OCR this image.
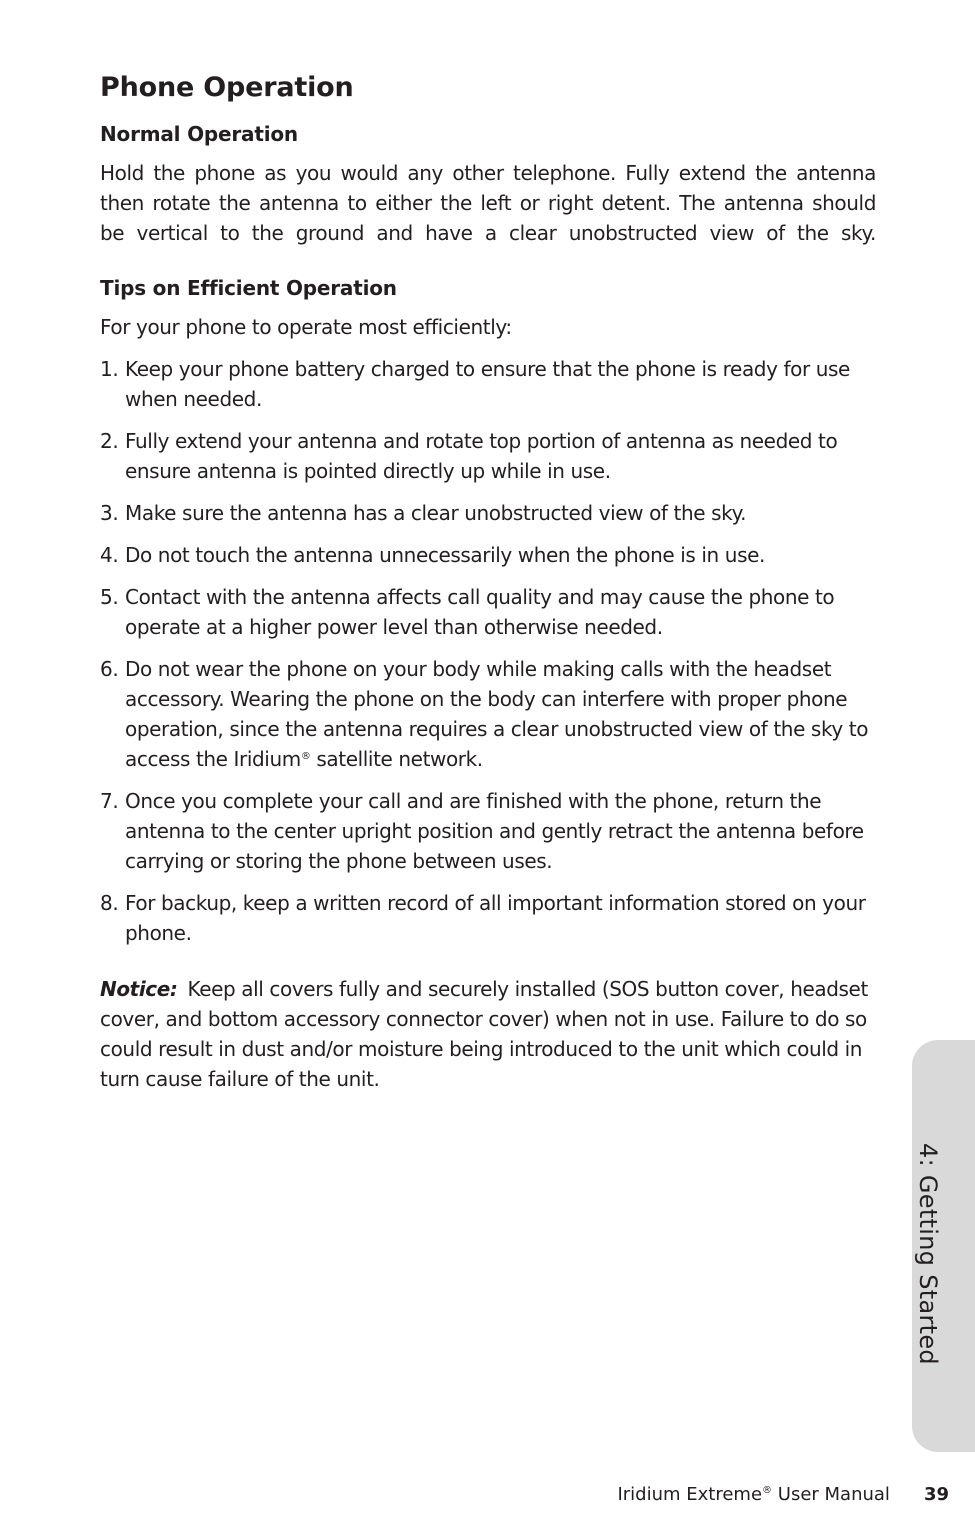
Phone Operation
Normal Operation

Hold the phone as you would any other telephone. Fully extend the antenna

then rotate the antenna to either the left or right detent. The antenna should

be vertical to the ground and have a clear unobstructed view of the sky.

Tips on Efficient Operation

For your phone to operate most efficiently:

1. Keep your phone battery charged to ensure that the phone is ready for use when needed.
2. Fully extend your antenna and rotate top portion of antenna as needed to ensure antenna is pointed directly up while in use.
3. Make sure the antenna has a clear unobstructed view of the sky.
4. Do not touch the antenna unnecessarily when the phone is in use.
5. Contact with the antenna affects call quality and may cause the phone to operate at a higher power level than otherwise needed.
6. Do not wear the phone on your body while making calls with the headset accessory. Wearing the phone on the body can interfere with proper phone operation, since the antenna requires a clear unobstructed view of the sky to access the Iridium® satellite network.
7. Once you complete your call and are finished with the phone, return the antenna to the center upright position and gently retract the antenna before carrying or storing the phone between uses.
8. For backup, keep a written record of all important information stored on your phone.

Notice: Keep all covers fully and securely installed (SOS button cover, headset cover, and bottom accessory connector cover) when not in use. Failure to do so could result in dust and/or moisture being introduced to the unit which could in turn cause failure of the unit.

4: Getting Started
Iridium Extreme® User Manual 39
